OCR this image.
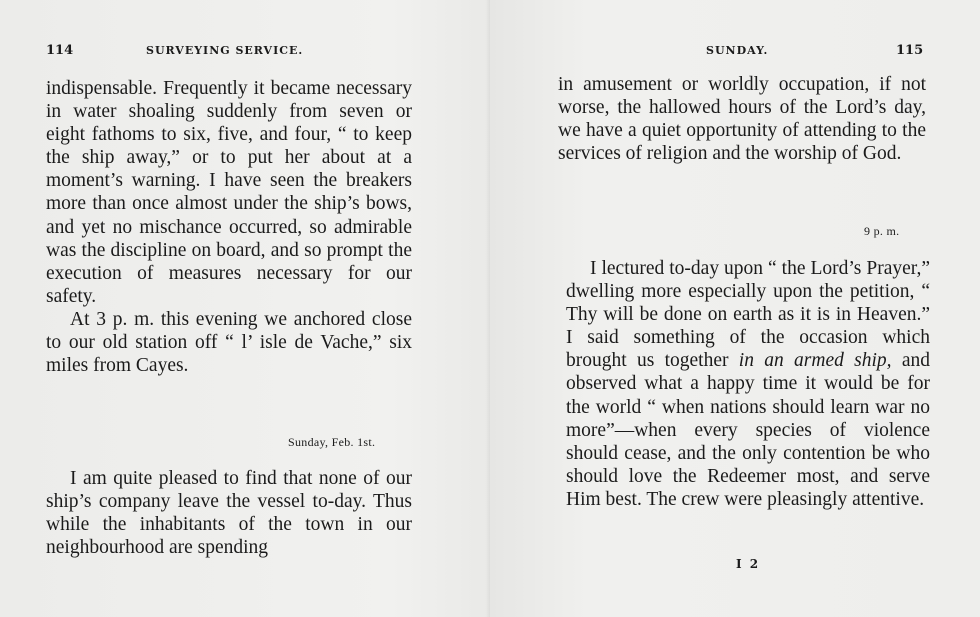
114	SURVEYING SERVICE.

indispensable. Frequently it became necessary in water shoaling suddenly from seven or eight fathoms to six, five, and four, “ to keep the ship away,” or to put her about at a moment’s warning. I have seen the breakers more than once almost under the ship’s bows, and yet no mischance occurred, so admirable was the discipline on board, and so prompt the execution of measures necessary for our safety.

At 3 p. m. this evening we anchored close to our old station off “ l’ isle de Vache,” six miles from Cayes.

Sunday, Feb. 1st.

I am quite pleased to find that none of our ship’s company leave the vessel to-day. Thus while the inhabitants of the town in our neighbourhood are spending

SUNDAY.	115

in amusement or worldly occupation, if not worse, the hallowed hours of the Lord’s day, we have a quiet opportunity of attending to the services of religion and the worship of God.

9 p. m.

I lectured to-day upon “ the Lord’s Prayer,” dwelling more especially upon the petition, “ Thy will be done on earth as it is in Heaven.” I said something of the occasion which brought us together in an armed ship, and observed what a happy time it would be for the world “ when nations should learn war no more”—when every species of violence should cease, and the only contention be who should love the Redeemer most, and serve Him best. The crew were pleasingly attentive.

I 2
